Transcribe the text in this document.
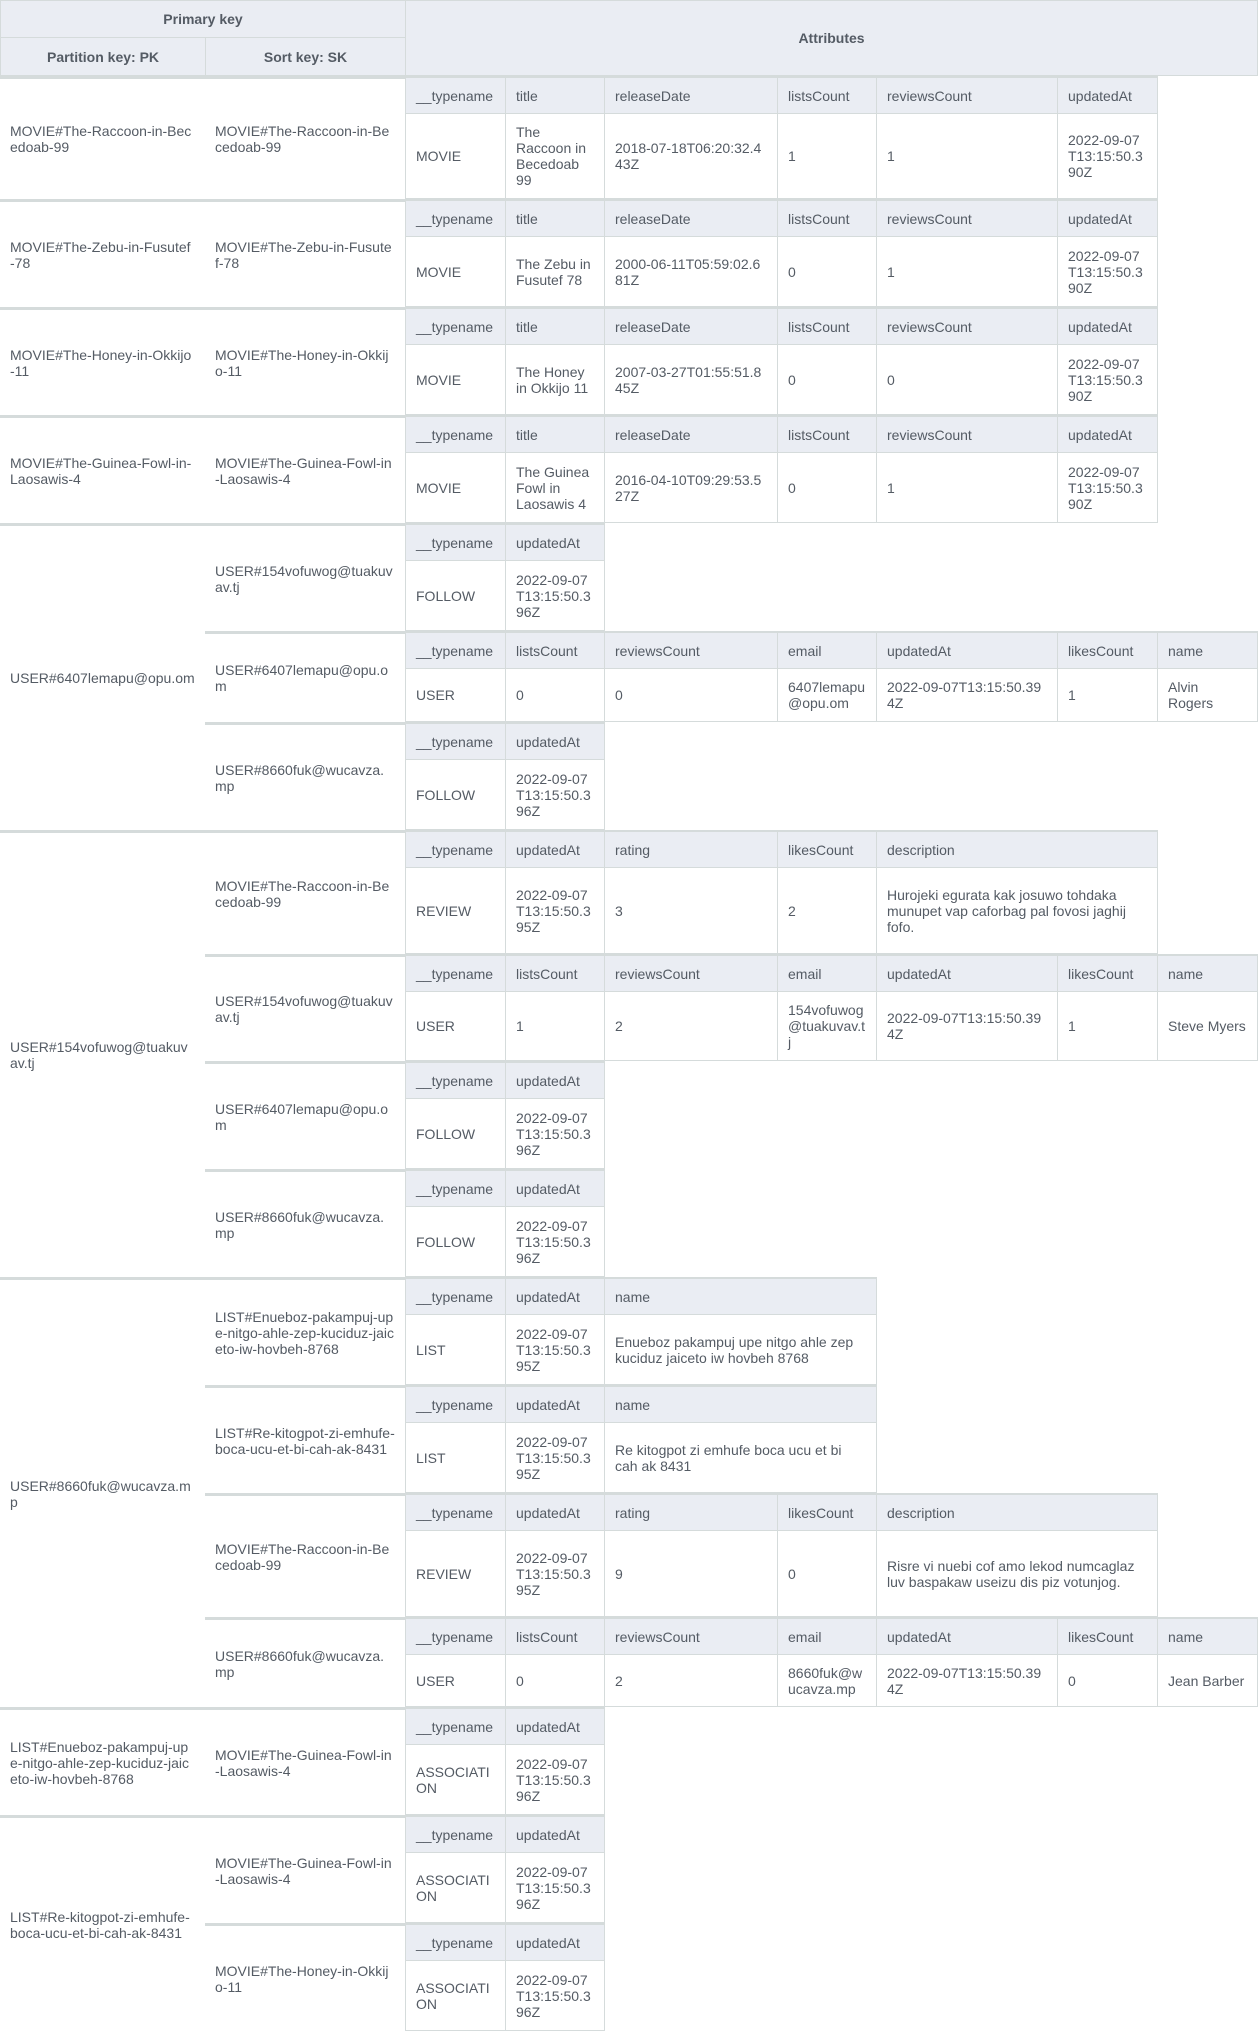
Primary key
Partition key: PK	Sort key: SK
Attributes
MOVIE#The-Raccoon-in-Becedoab-99
MOVIE#The-Raccoon-in-Becedoab-99
__typename
MOVIE
title
The Raccoon in Becedoab 99
releaseDate
2018-07-18T06:20:32.443Z
listsCount
1
reviewsCount
1
updatedAt
2022-09-07T13:15:50.390Z
MOVIE#The-Zebu-in-Fusutef-78
MOVIE#The-Zebu-in-Fusutef-78
__typename
MOVIE
title
The Zebu in Fusutef 78
releaseDate
2000-06-11T05:59:02.681Z
listsCount
0
reviewsCount
1
updatedAt
2022-09-07T13:15:50.390Z
MOVIE#The-Honey-in-Okkijo-11
MOVIE#The-Honey-in-Okkijo-11
__typename
MOVIE
title
The Honey in Okkijo 11
releaseDate
2007-03-27T01:55:51.845Z
listsCount
0
reviewsCount
0
updatedAt
2022-09-07T13:15:50.390Z
MOVIE#The-Guinea-Fowl-in-Laosawis-4
MOVIE#The-Guinea-Fowl-in-Laosawis-4
__typename
MOVIE
title
The Guinea Fowl in Laosawis 4
releaseDate
2016-04-10T09:29:53.527Z
listsCount
0
reviewsCount
1
updatedAt
2022-09-07T13:15:50.390Z
USER#6407lemapu@opu.om
USER#154vofuwog@tuakuvav.tj
__typename
FOLLOW
updatedAt
2022-09-07T13:15:50.396Z
USER#6407lemapu@opu.om
__typename
USER
listsCount
0
reviewsCount
0
email
6407lemapu@opu.om
updatedAt
2022-09-07T13:15:50.394Z
likesCount
1
name
Alvin Rogers
USER#8660fuk@wucavza.mp
__typename
FOLLOW
updatedAt
2022-09-07T13:15:50.396Z
USER#154vofuwog@tuakuvav.tj
MOVIE#The-Raccoon-in-Becedoab-99
__typename
REVIEW
updatedAt
2022-09-07T13:15:50.395Z
rating
3
likesCount
2
description
Hurojeki egurata kak josuwo tohdaka munupet vap caforbag pal fovosi jaghij fofo.
USER#154vofuwog@tuakuvav.tj
__typename
USER
listsCount
1
reviewsCount
2
email
154vofuwog@tuakuvav.tj
updatedAt
2022-09-07T13:15:50.394Z
likesCount
1
name
Steve Myers
USER#6407lemapu@opu.om
__typename
FOLLOW
updatedAt
2022-09-07T13:15:50.396Z
USER#8660fuk@wucavza.mp
__typename
FOLLOW
updatedAt
2022-09-07T13:15:50.396Z
USER#8660fuk@wucavza.mp
LIST#Enueboz-pakampuj-upe-nitgo-ahle-zep-kuciduz-jaiceto-iw-hovbeh-8768
__typename
LIST
updatedAt
2022-09-07T13:15:50.395Z
name
Enueboz pakampuj upe nitgo ahle zep kuciduz jaiceto iw hovbeh 8768
LIST#Re-kitogpot-zi-emhufe-boca-ucu-et-bi-cah-ak-8431
__typename
LIST
updatedAt
2022-09-07T13:15:50.395Z
name
Re kitogpot zi emhufe boca ucu et bi cah ak 8431
MOVIE#The-Raccoon-in-Becedoab-99
__typename
REVIEW
updatedAt
2022-09-07T13:15:50.395Z
rating
9
likesCount
0
description
Risre vi nuebi cof amo lekod numcaglaz luv baspakaw useizu dis piz votunjog.
USER#8660fuk@wucavza.mp
__typename
USER
listsCount
0
reviewsCount
2
email
8660fuk@wucavza.mp
updatedAt
2022-09-07T13:15:50.394Z
likesCount
0
name
Jean Barber
LIST#Enueboz-pakampuj-upe-nitgo-ahle-zep-kuciduz-jaiceto-iw-hovbeh-8768
MOVIE#The-Guinea-Fowl-in-Laosawis-4
__typename
ASSOCIATION
updatedAt
2022-09-07T13:15:50.396Z
LIST#Re-kitogpot-zi-emhufe-boca-ucu-et-bi-cah-ak-8431
MOVIE#The-Guinea-Fowl-in-Laosawis-4
__typename
ASSOCIATION
updatedAt
2022-09-07T13:15:50.396Z
MOVIE#The-Honey-in-Okkijo-11
__typename
ASSOCIATION
updatedAt
2022-09-07T13:15:50.396Z
